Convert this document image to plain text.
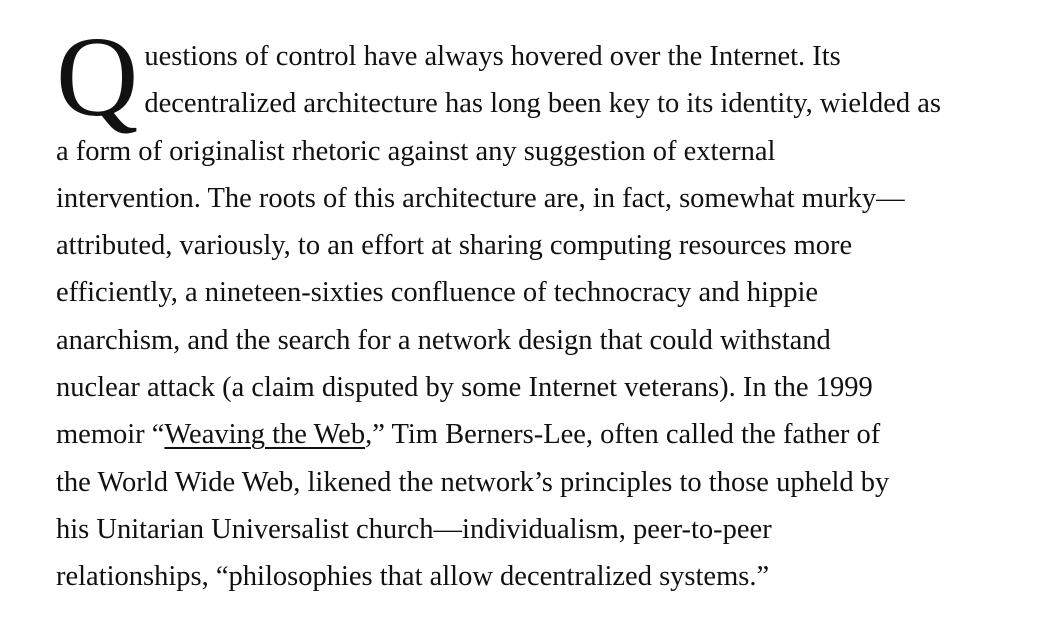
Q uestions of control have always hovered over the Internet. Its
decentralized architecture has long been key to its identity, wielded as
a form of originalist rhetoric against any suggestion of external
intervention. The roots of this architecture are, in fact, somewhat murky—
attributed, variously, to an effort at sharing computing resources more
efficiently, a nineteen-sixties confluence of technocracy and hippie
anarchism, and the search for a network design that could withstand
nuclear attack (a claim disputed by some Internet veterans). In the 1999
memoir “Weaving the Web,” Tim Berners-Lee, often called the father of
the World Wide Web, likened the network’s principles to those upheld by
his Unitarian Universalist church—individualism, peer-to-peer
relationships, “philosophies that allow decentralized systems.”
